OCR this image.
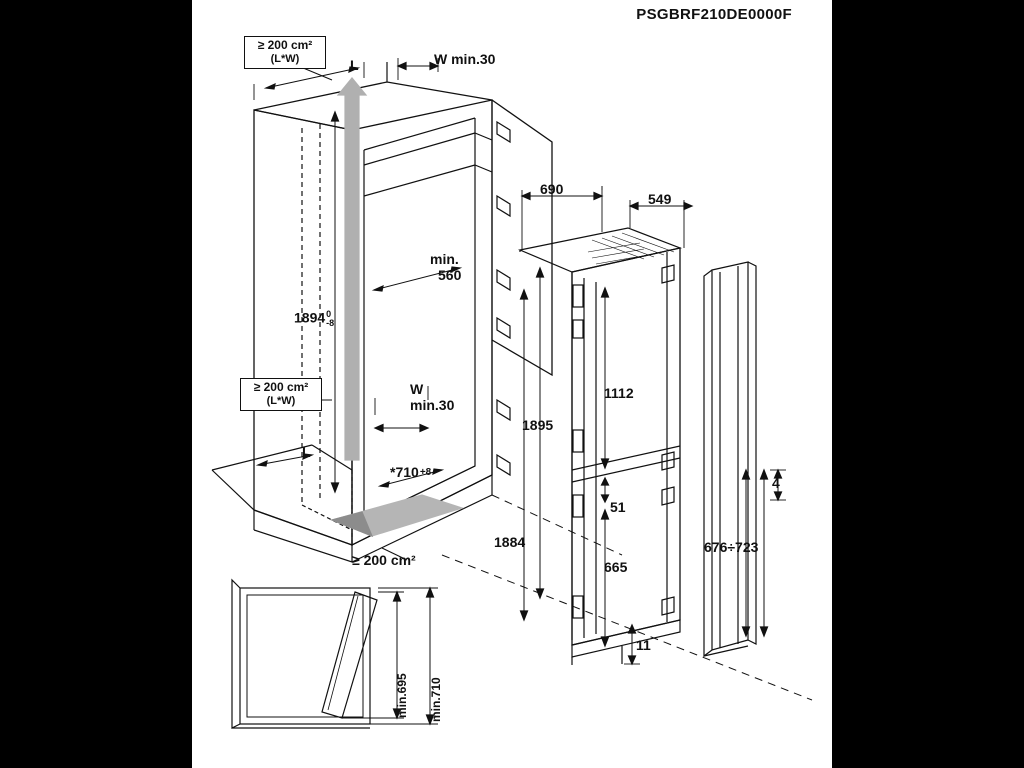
PSGBRF210DE0000F
≥ 200 cm²
(L*W)
≥ 200 cm²
(L*W)
≥ 200 cm²
L
L
W min.30
W
min.30
1894 0
-8
min.
560
*710 +8
690
549
1895
1884
1112
51
665
11
4
676÷723
min.695 min.710
